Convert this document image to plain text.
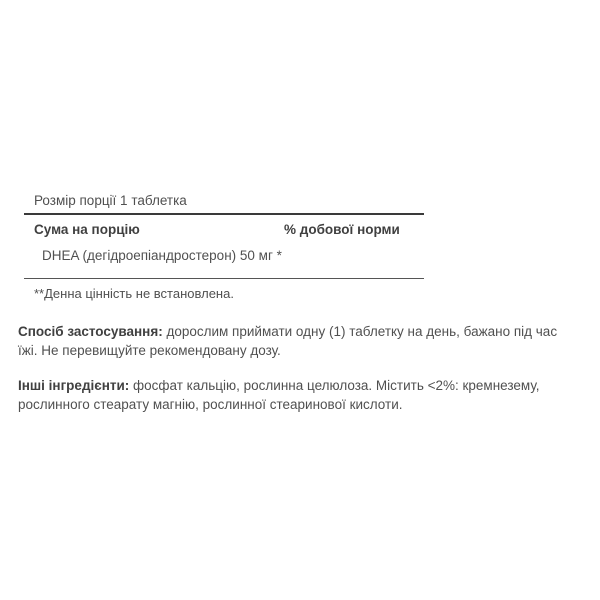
Розмір порції 1 таблетка
Сума на порцію	% добової норми
DHEA (дегідроепіандростерон) 50 мг *
**Денна цінність не встановлена.

Спосіб застосування: дорослим приймати одну (1) таблетку на день, бажано під час їжі. Не перевищуйте рекомендовану дозу.

Інші інгредієнти: фосфат кальцію, рослинна целюлоза. Містить <2%: кремнезему, рослинного стеарату магнію, рослинної стеаринової кислоти.
